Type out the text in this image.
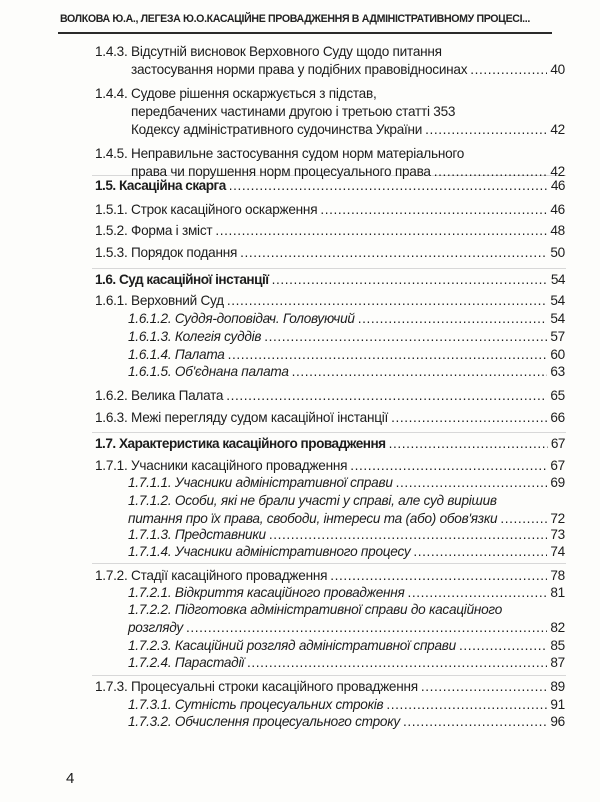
ВОЛКОВА Ю.А., ЛЕГЕЗА Ю.О.КАСАЦІЙНЕ ПРОВАДЖЕННЯ В АДМІНІСТРАТИВНОМУ ПРОЦЕСІ...
1.4.3. Відсутній висновок Верховного Суду щодо питання
застосування норми права у подібних правовідносинах .....	40
1.4.4. Судове рішення оскаржується з підстав,
передбачених частинами другою і третьою статті 353
Кодексу адміністративного судочинства України .....	42
1.4.5. Неправильне застосування судом норм матеріального
права чи порушення норм процесуального права .....	42
1.5. Касаційна скарга .....	46
1.5.1. Строк касаційного оскарження .....	46
1.5.2. Форма і зміст .....	48
1.5.3. Порядок подання .....	50
1.6. Суд касаційної інстанції .....	54
1.6.1. Верховний Суд .....	54
1.6.1.2. Суддя-доповідач. Головуючий .....	54
1.6.1.3. Колегія суддів .....	57
1.6.1.4. Палата .....	60
1.6.1.5. Об'єднана палата .....	63
1.6.2. Велика Палата .....	65
1.6.3. Межі перегляду судом касаційної інстанції .....	66
1.7. Характеристика касаційного провадження .....	67
1.7.1. Учасники касаційного провадження .....	67
1.7.1.1. Учасники адміністративної справи .....	69
1.7.1.2. Особи, які не брали участі у справі, але суд вирішив
питання про їх права, свободи, інтереси та (або) обов'язки .....	72
1.7.1.3. Представники .....	73
1.7.1.4. Учасники адміністративного процесу .....	74
1.7.2. Стадії касаційного провадження .....	78
1.7.2.1. Відкриття касаційного провадження .....	81
1.7.2.2. Підготовка адміністративної справи до касаційного
розгляду .....	82
1.7.2.3. Касаційний розгляд адміністративної справи .....	85
1.7.2.4. Парастадії .....	87
1.7.3. Процесуальні строки касаційного провадження .....	89
1.7.3.1. Сутність процесуальних строків .....	91
1.7.3.2. Обчислення процесуального строку .....	96
4
